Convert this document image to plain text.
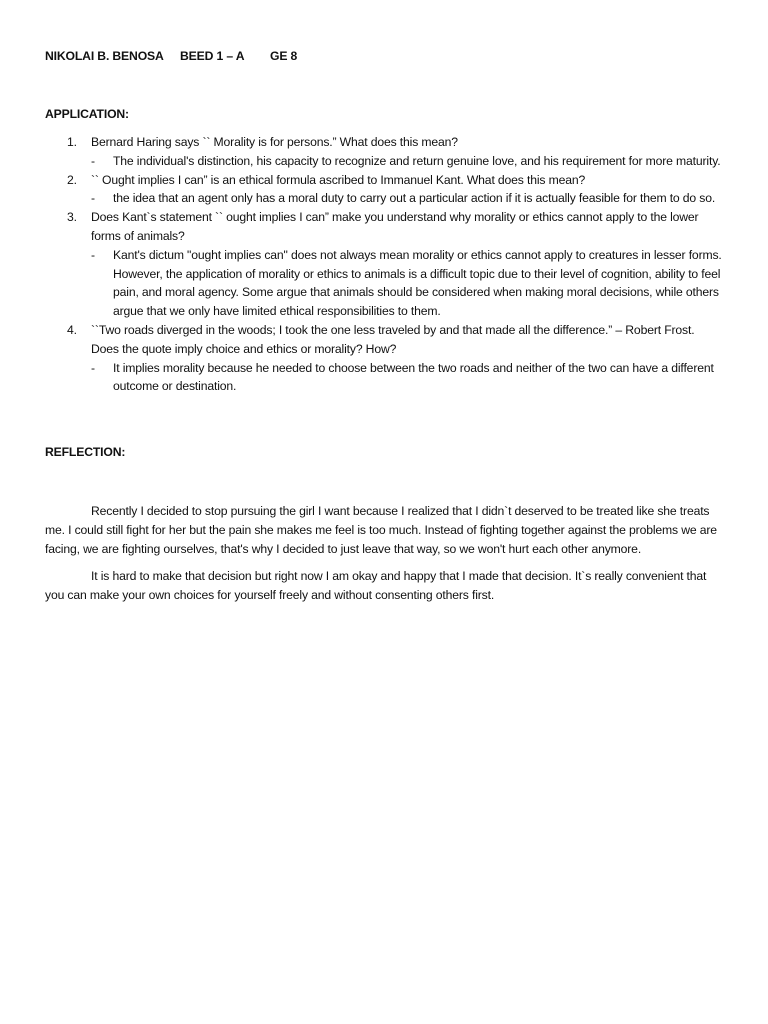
NIKOLAI B. BENOSA BEED 1 – A GE 8
APPLICATION:
1. Bernard Haring says `` Morality is for persons.” What does this mean?
- The individual's distinction, his capacity to recognize and return genuine love, and his requirement for more maturity.
2. `` Ought implies I can” is an ethical formula ascribed to Immanuel Kant. What does this mean?
- the idea that an agent only has a moral duty to carry out a particular action if it is actually feasible for them to do so.
3. Does Kant`s statement `` ought implies I can” make you understand why morality or ethics cannot apply to the lower forms of animals?
- Kant's dictum "ought implies can" does not always mean morality or ethics cannot apply to creatures in lesser forms. However, the application of morality or ethics to animals is a difficult topic due to their level of cognition, ability to feel pain, and moral agency. Some argue that animals should be considered when making moral decisions, while others argue that we only have limited ethical responsibilities to them.
4. ``Two roads diverged in the woods; I took the one less traveled by and that made all the difference.” – Robert Frost. Does the quote imply choice and ethics or morality? How?
- It implies morality because he needed to choose between the two roads and neither of the two can have a different outcome or destination.
REFLECTION:

Recently I decided to stop pursuing the girl I want because I realized that I didn`t deserved to be treated like she treats me. I could still fight for her but the pain she makes me feel is too much. Instead of fighting together against the problems we are facing, we are fighting ourselves, that's why I decided to just leave that way, so we won't hurt each other anymore.

It is hard to make that decision but right now I am okay and happy that I made that decision. It`s really convenient that you can make your own choices for yourself freely and without consenting others first.
